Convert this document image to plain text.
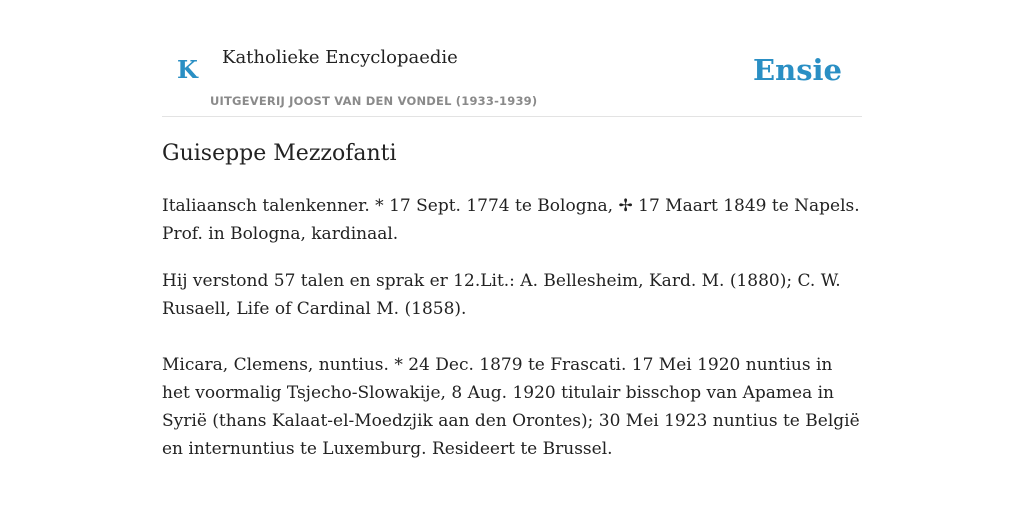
K Katholieke Encyclopaedie
UITGEVERIJ JOOST VAN DEN VONDEL (1933-1939)
Ensie
Guiseppe Mezzofanti

Italiaansch talenkenner. * 17 Sept. 1774 te Bologna, ✢ 17 Maart 1849 te Napels. Prof. in Bologna, kardinaal.

Hij verstond 57 talen en sprak er 12.Lit.: A. Bellesheim, Kard. M. (1880); C. W. Rusaell, Life of Cardinal M. (1858).

Micara, Clemens, nuntius. * 24 Dec. 1879 te Frascati. 17 Mei 1920 nuntius in het voormalig Tsjecho-Slowakije, 8 Aug. 1920 titulair bisschop van Apamea in Syrië (thans Kalaat-el-Moedzjik aan den Orontes); 30 Mei 1923 nuntius te België en internuntius te Luxemburg. Resideert te Brussel.
